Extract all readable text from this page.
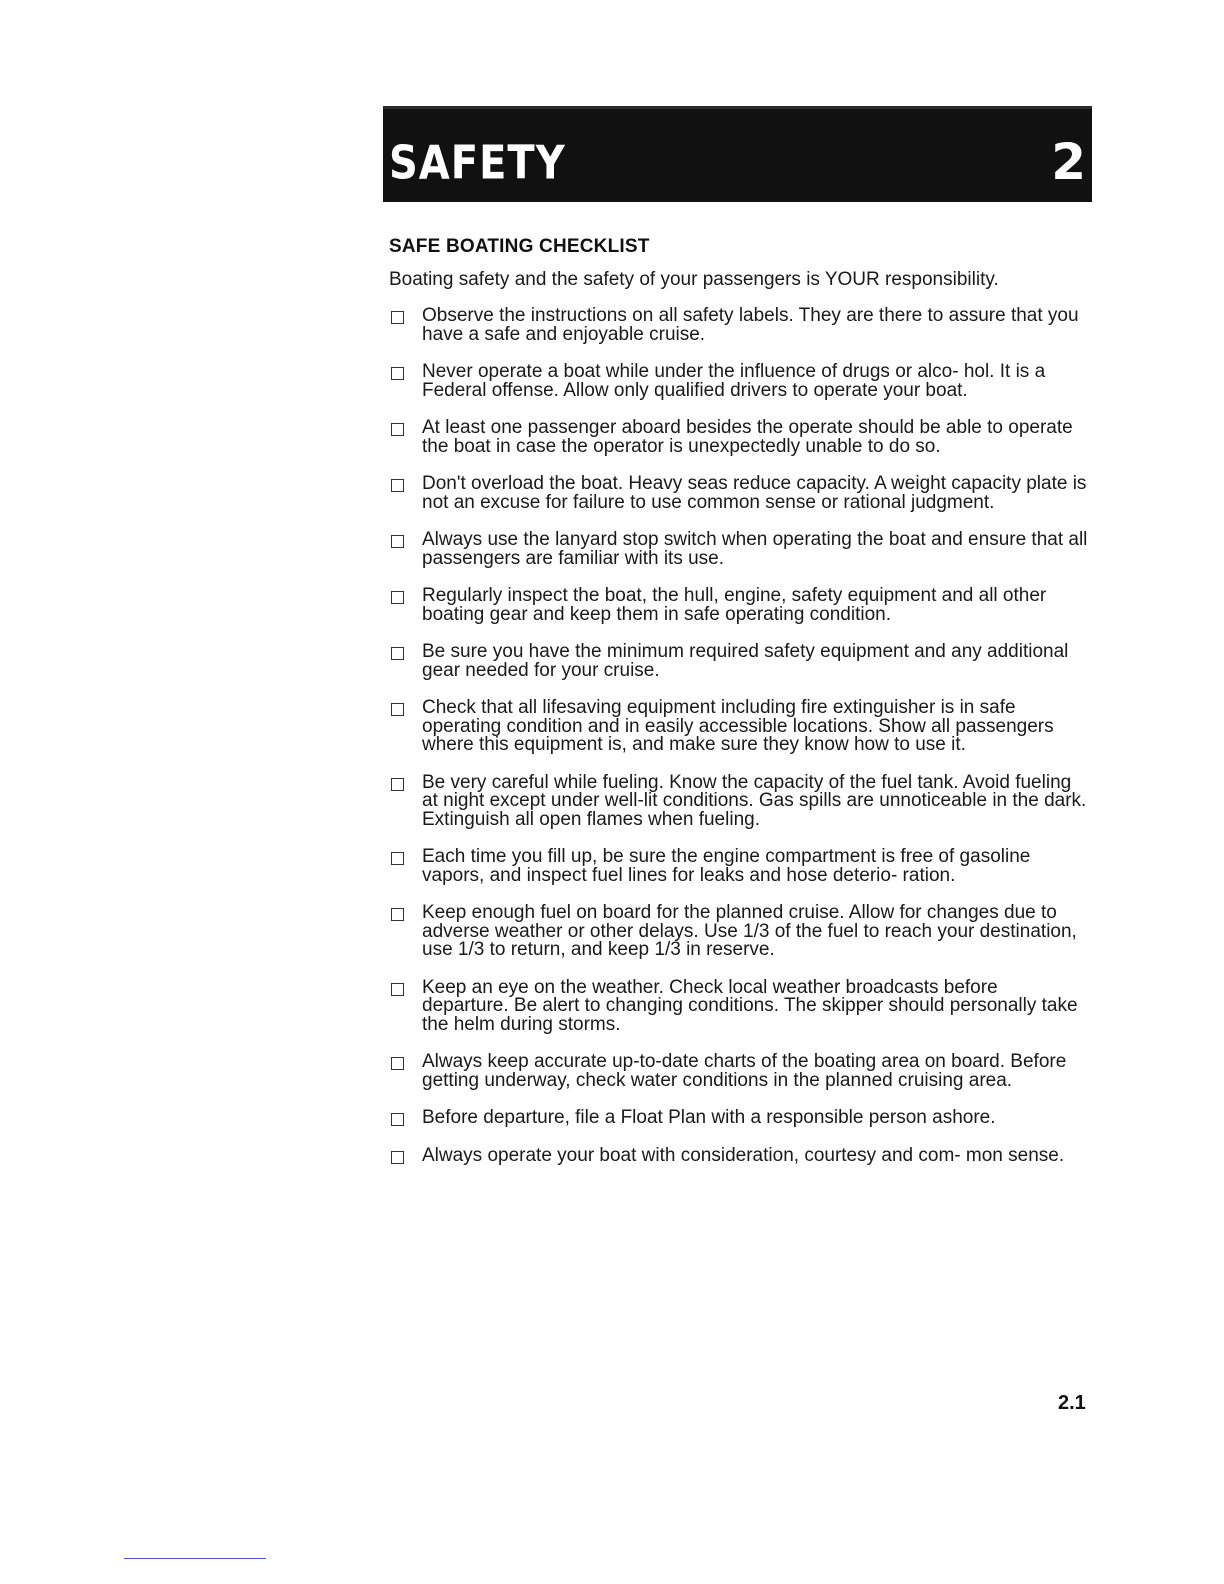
SAFETY	2
SAFE BOATING CHECKLIST
Boating safety and the safety of your passengers is YOUR responsibility.
Observe the instructions on all safety labels. They are there to assure that you have a safe and enjoyable cruise.
Never operate a boat while under the influence of drugs or alco- hol. It is a Federal offense. Allow only qualified drivers to operate your boat.
At least one passenger aboard besides the operate should be able to operate the boat in case the operator is unexpectedly unable to do so.
Don't overload the boat. Heavy seas reduce capacity. A weight capacity plate is not an excuse for failure to use common sense or rational judgment.
Always use the lanyard stop switch when operating the boat and ensure that all passengers are familiar with its use.
Regularly inspect the boat, the hull, engine, safety equipment and all other boating gear and keep them in safe operating condition.
Be sure you have the minimum required safety equipment and any additional gear needed for your cruise.
Check that all lifesaving equipment including fire extinguisher is in safe operating condition and in easily accessible locations. Show all passengers where this equipment is, and make sure they know how to use it.
Be very careful while fueling. Know the capacity of the fuel tank. Avoid fueling at night except under well-lit conditions. Gas spills are unnoticeable in the dark. Extinguish all open flames when fueling.
Each time you fill up, be sure the engine compartment is free of gasoline vapors, and inspect fuel lines for leaks and hose deterio- ration.
Keep enough fuel on board for the planned cruise. Allow for changes due to adverse weather or other delays. Use 1/3 of the fuel to reach your destination, use 1/3 to return, and keep 1/3 in reserve.
Keep an eye on the weather. Check local weather broadcasts before departure. Be alert to changing conditions. The skipper should personally take the helm during storms.
Always keep accurate up-to-date charts of the boating area on board. Before getting underway, check water conditions in the planned cruising area.
Before departure, file a Float Plan with a responsible person ashore.
Always operate your boat with consideration, courtesy and com- mon sense.
2.1
